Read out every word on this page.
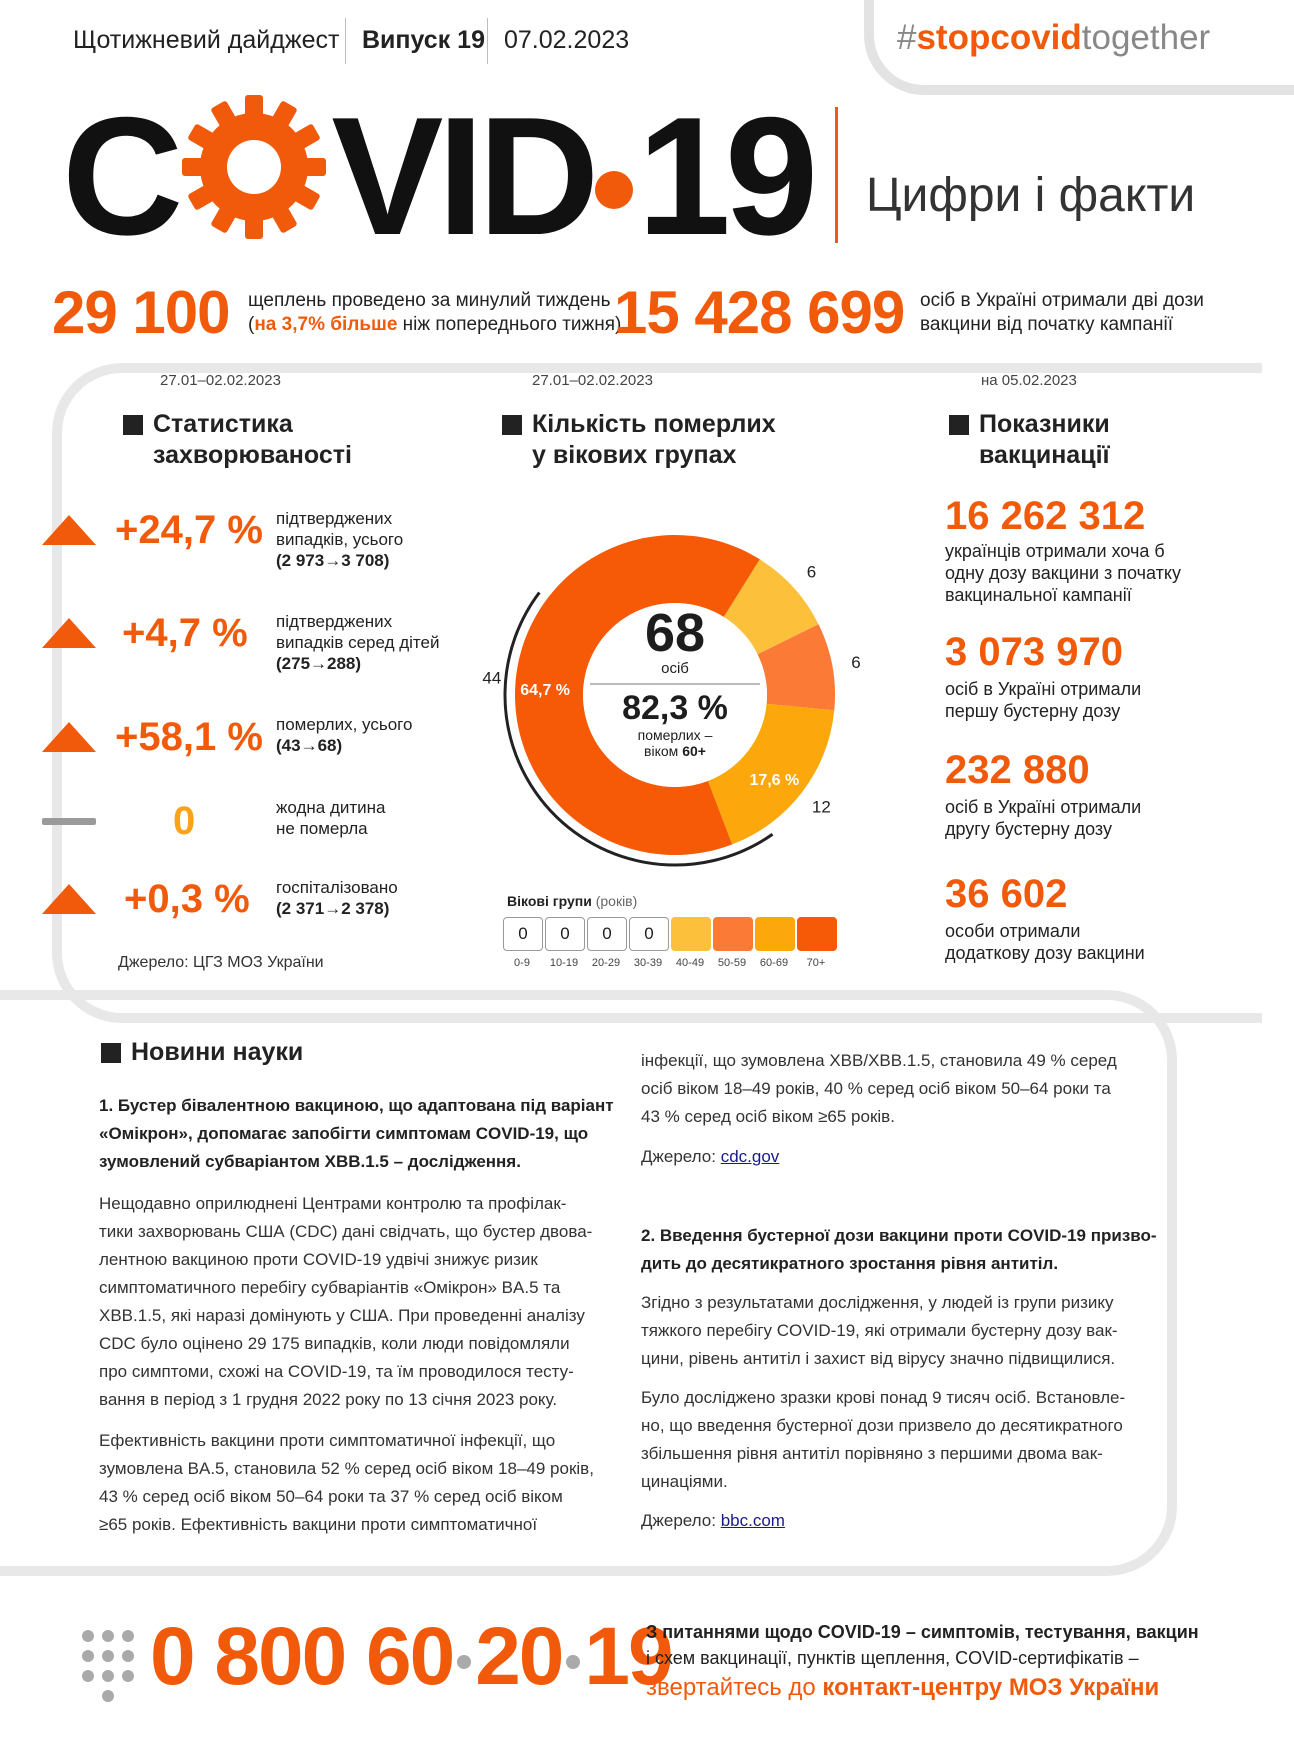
Щотижневий дайджест Випуск 19 07.02.2023	#stopcovidtogether
C VID 19 Цифри і факти
29 100 щеплень проведено за минулий тиждень
(на 3,7% більше ніж попереднього тижня)
15 428 699 осіб в Україні отримали дві дози
вакцини від початку кампанії
27.01–02.02.2023	27.01–02.02.2023	на 05.02.2023
Статистика
захворюваності
Кількість померлих
у вікових групах
Показники
вакцинації
+24,7 % підтверджених
випадків, усього
(2 973→3 708)
+4,7 % підтверджених
випадків серед дітей
(275→288)
+58,1 % померлих, усього
(43→68)
0	жодна дитина
не померла
+0,3 % госпіталізовано
(2 371→2 378)
Джерело: ЦГЗ МОЗ України
6
6
12
17,6 %
44
64,7 %
68
осіб
82,3 %
померлих –
віком 60+
Вікові групи (років)
0
0-9
0
10-19
0
20-29
0
30-39	40-49	50-59	60-69	70+
16 262 312
українців отримали хоча б
одну дозу вакцини з початку
вакцинальної кампанії
3 073 970
осіб в Україні отримали
першу бустерну дозу
232 880
осіб в Україні отримали
другу бустерну дозу
36 602
особи отримали
додаткову дозу вакцини
Новини науки
1. Бустер бівалентною вакциною, що адаптована під варіант
«Омікрон», допомагає запобігти симптомам COVID-19, що
зумовлений субваріантом XBB.1.5 – дослідження.
Нещодавно оприлюднені Центрами контролю та профілак-
тики захворювань США (CDC) дані свідчать, що бустер двова-
лентною вакциною проти COVID-19 удвічі знижує ризик
симптоматичного перебігу субваріантів «Омікрон» BA.5 та
XBB.1.5, які наразі домінують у США. При проведенні аналізу
CDC було оцінено 29 175 випадків, коли люди повідомляли
про симптоми, схожі на COVID-19, та їм проводилося тесту-
вання в період з 1 грудня 2022 року по 13 січня 2023 року.
Ефективність вакцини проти симптоматичної інфекції, що
зумовлена BA.5, становила 52 % серед осіб віком 18–49 років,
43 % серед осіб віком 50–64 роки та 37 % серед осіб віком
≥65 років. Ефективність вакцини проти симптоматичної
інфекції, що зумовлена XBB/XBB.1.5, становила 49 % серед
осіб віком 18–49 років, 40 % серед осіб віком 50–64 роки та
43 % серед осіб віком ≥65 років.
Джерело: cdc.gov
2. Введення бустерної дози вакцини проти COVID-19 призво-
дить до десятикратного зростання рівня антитіл.
Згідно з результатами дослідження, у людей із групи ризику
тяжкого перебігу COVID-19, які отримали бустерну дозу вак-
цини, рівень антитіл і захист від вірусу значно підвищилися.
Було досліджено зразки крові понад 9 тисяч осіб. Встановле-
но, що введення бустерної дози призвело до десятикратного
збільшення рівня антитіл порівняно з першими двома вак-
цинаціями.
Джерело: bbc.com
0 800 60 20 19
З питаннями щодо COVID-19 – симптомів, тестування, вакцин
і схем вакцинації, пунктів щеплення, COVID-сертифікатів –
звертайтесь до контакт-центру МОЗ України
